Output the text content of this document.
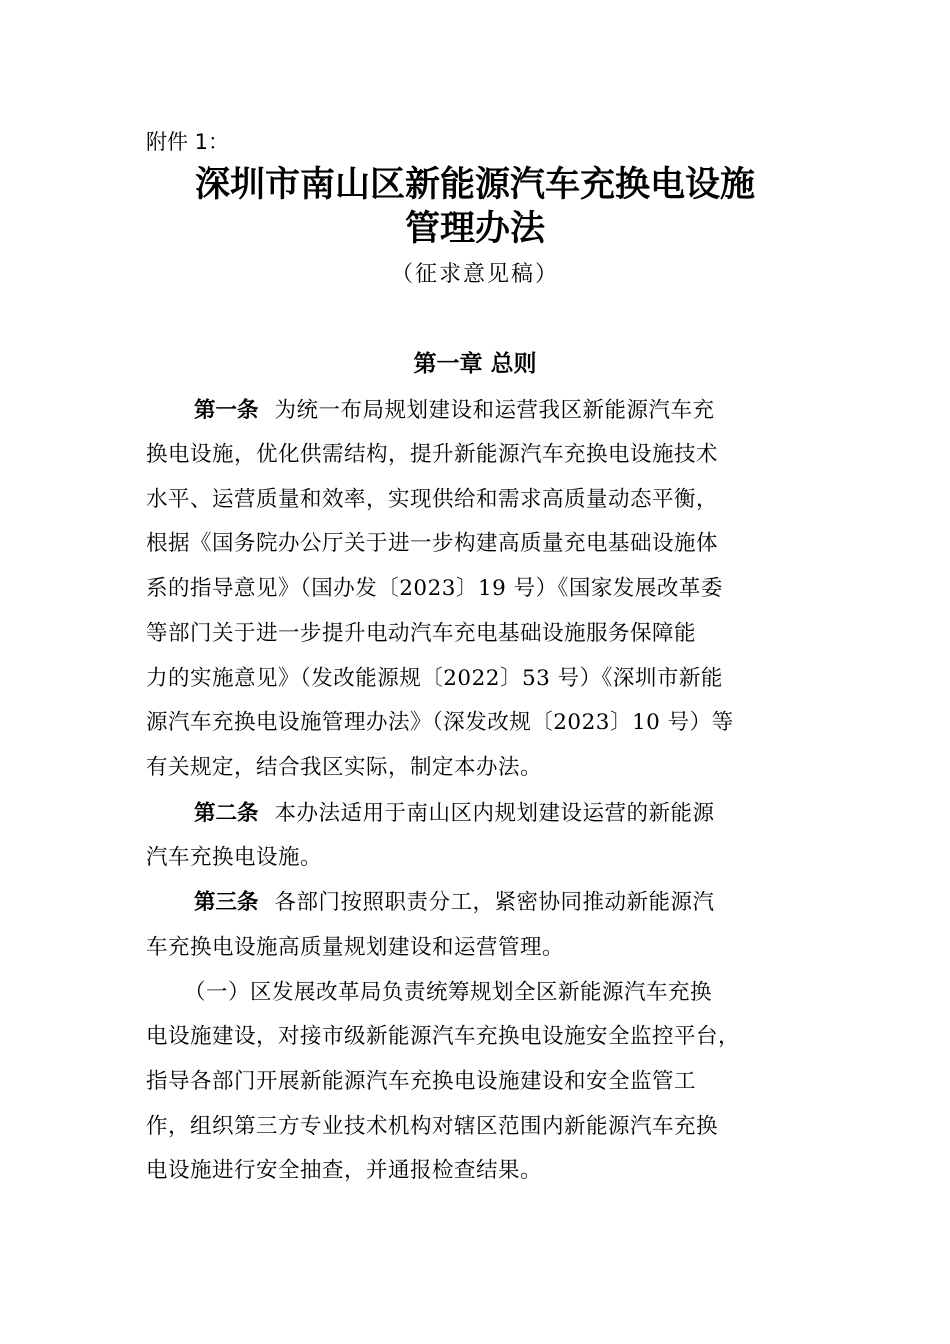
附件 1：
深圳市南山区新能源汽车充换电设施
管理办法
（征求意见稿）
第一章 总则
第一条 为统一布局规划建设和运营我区新能源汽车充
换电设施，优化供需结构，提升新能源汽车充换电设施技术
水平、运营质量和效率，实现供给和需求高质量动态平衡，
根据《国务院办公厅关于进一步构建高质量充电基础设施体
系的指导意见》（国办发〔2023〕19 号）《国家发展改革委
等部门关于进一步提升电动汽车充电基础设施服务保障能
力的实施意见》（发改能源规〔2022〕53 号）《深圳市新能
源汽车充换电设施管理办法》（深发改规〔2023〕10 号）等
有关规定，结合我区实际，制定本办法。
第二条 本办法适用于南山区内规划建设运营的新能源
汽车充换电设施。
第三条 各部门按照职责分工，紧密协同推动新能源汽
车充换电设施高质量规划建设和运营管理。
（一）区发展改革局负责统筹规划全区新能源汽车充换
电设施建设，对接市级新能源汽车充换电设施安全监控平台，
指导各部门开展新能源汽车充换电设施建设和安全监管工
作，组织第三方专业技术机构对辖区范围内新能源汽车充换
电设施进行安全抽查，并通报检查结果。
